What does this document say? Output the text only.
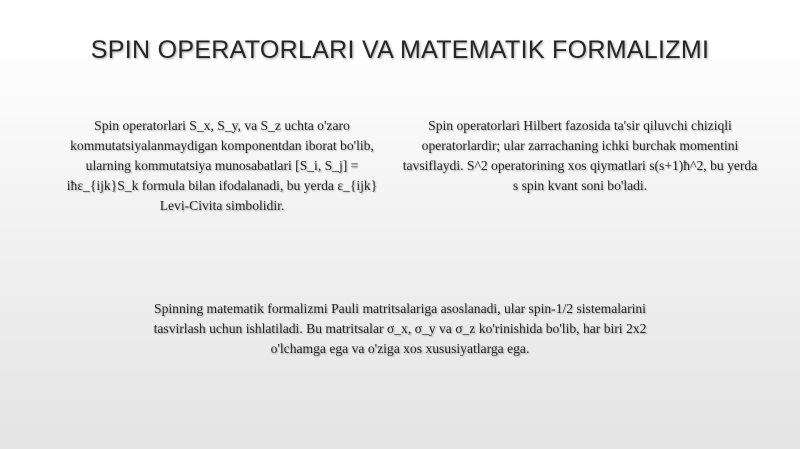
SPIN OPERATORLARI VA MATEMATIK FORMALIZMI

Spin operatorlari S_x, S_y, va S_z uchta o'zaro kommutatsiyalanmaydigan komponentdan iborat bo'lib, ularning kommutatsiya munosabatlari [S_i, S_j] = iħε_{ijk}S_k formula bilan ifodalanadi, bu yerda ε_{ijk} Levi-Civita simbolidir.

Spin operatorlari Hilbert fazosida ta'sir qiluvchi chiziqli operatorlardir; ular zarrachaning ichki burchak momentini tavsiflaydi. S^2 operatorining xos qiymatlari s(s+1)ħ^2, bu yerda s spin kvant soni bo'ladi.

Spinning matematik formalizmi Pauli matritsalariga asoslanadi, ular spin-1/2 sistemalarini tasvirlash uchun ishlatiladi. Bu matritsalar σ_x, σ_y va σ_z ko'rinishida bo'lib, har biri 2x2 o'lchamga ega va o'ziga xos xususiyatlarga ega.
